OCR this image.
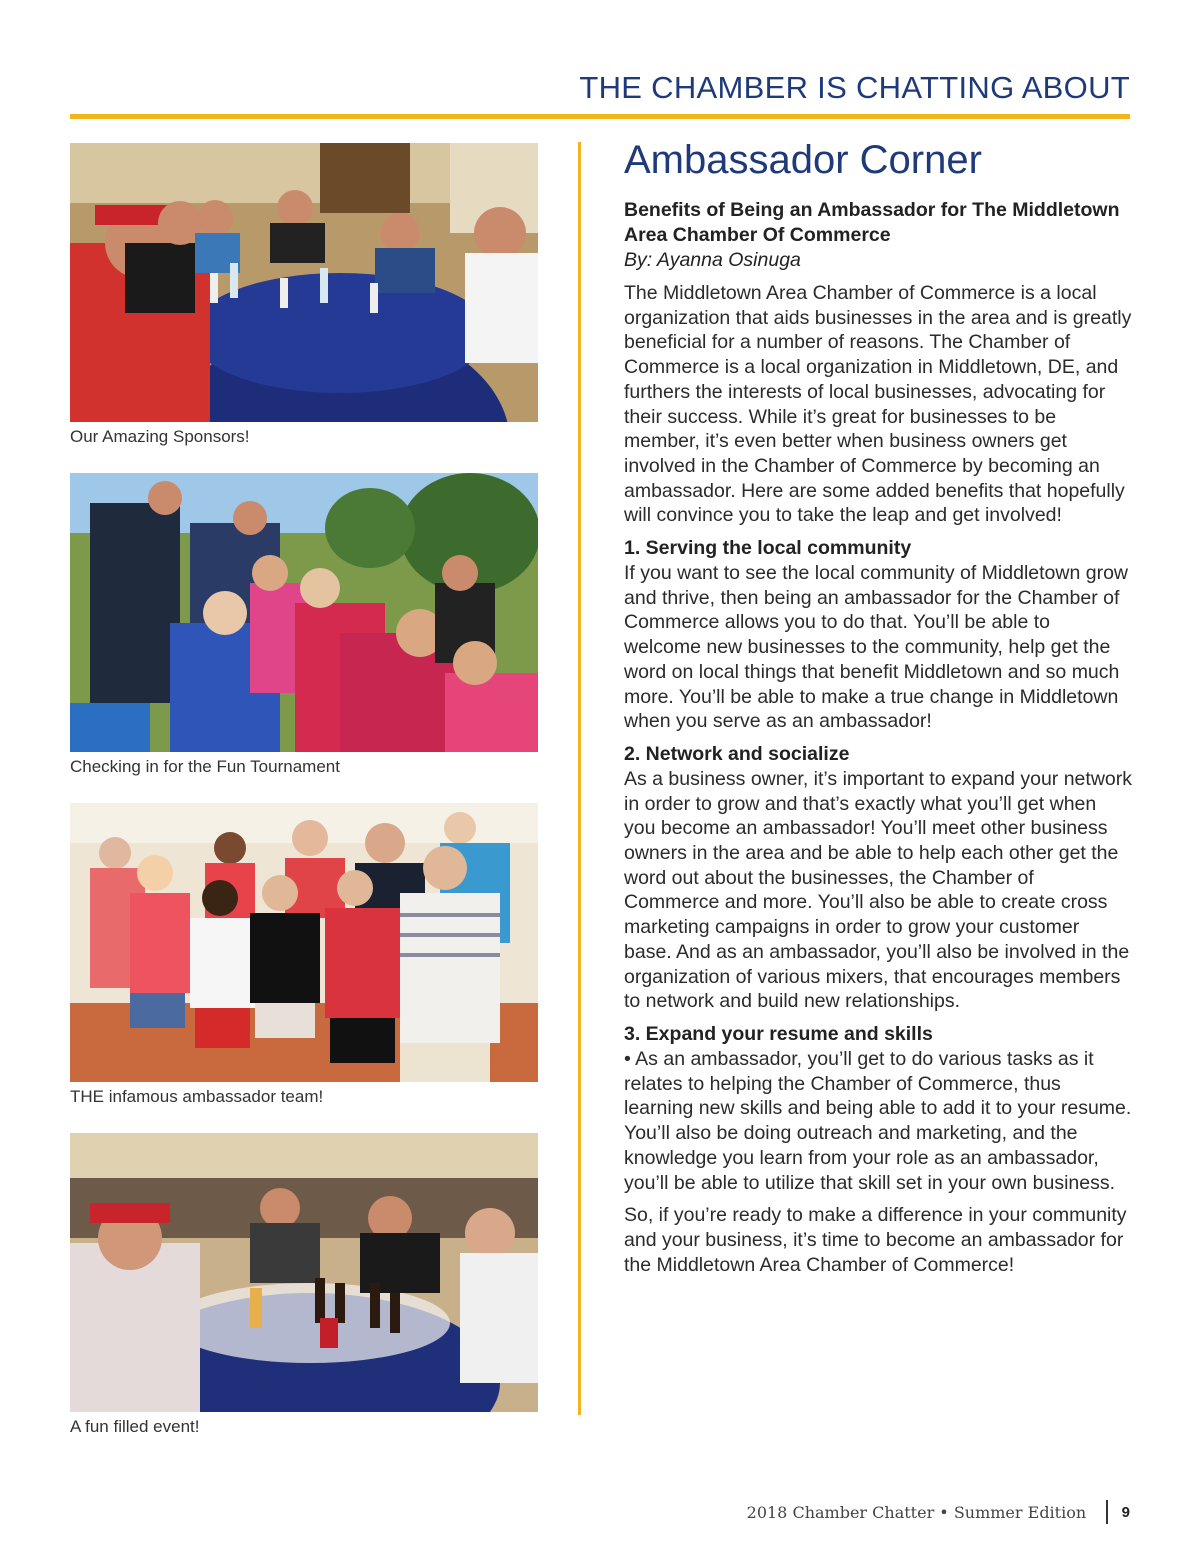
THE CHAMBER IS CHATTING ABOUT
Our Amazing Sponsors!
Checking in for the Fun Tournament
THE infamous ambassador team!
A fun filled event!
Ambassador Corner

Benefits of Being an Ambassador for The Middletown Area Chamber Of Commerce

By: Ayanna Osinuga

The Middletown Area Chamber of Commerce is a local organization that aids businesses in the area and is greatly beneficial for a number of reasons. The Chamber of Commerce is a local organization in Middletown, DE, and furthers the interests of local businesses, advocating for their success. While it’s great for businesses to be member, it’s even better when business owners get involved in the Chamber of Commerce by becoming an ambassador. Here are some added benefits that hopefully will convince you to take the leap and get involved!

1. Serving the local community

If you want to see the local community of Middletown grow and thrive, then being an ambassador for the Chamber of Commerce allows you to do that. You’ll be able to welcome new businesses to the community, help get the word on local things that benefit Middletown and so much more. You’ll be able to make a true change in Middletown when you serve as an ambassador!

2. Network and socialize

As a business owner, it’s important to expand your network in order to grow and that’s exactly what you’ll get when you become an ambassador! You’ll meet other business owners in the area and be able to help each other get the word out about the businesses, the Chamber of Commerce and more. You’ll also be able to create cross marketing campaigns in order to grow your customer base. And as an ambassador, you’ll also be involved in the organization of various mixers, that encourages members to network and build new relationships.

3. Expand your resume and skills

• As an ambassador, you’ll get to do various tasks as it relates to helping the Chamber of Commerce, thus learning new skills and being able to add it to your resume. You’ll also be doing outreach and marketing, and the knowledge you learn from your role as an ambassador, you’ll be able to utilize that skill set in your own business.

So, if you’re ready to make a difference in your community and your business, it’s time to become an ambassador for the Middletown Area Chamber of Commerce!

2018 Chamber Chatter • Summer Edition 9
